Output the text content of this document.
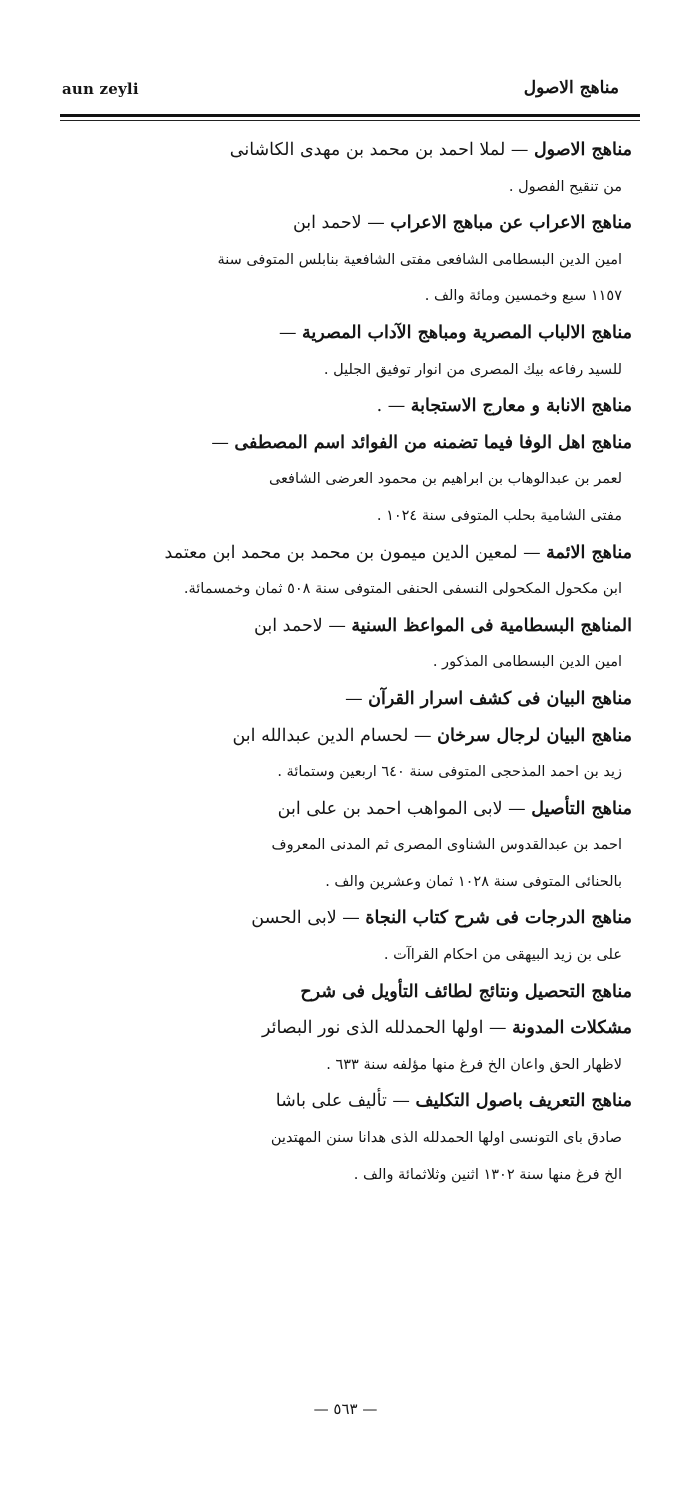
aun zeyli	مناهج الاصول
مناهج الاصول — لملا احمد بن محمد بن مهدى الكاشانى
من تنقيح الفصول .
مناهج الاعراب عن مباهج الاعراب — لاحمد ابن
امين الدين البسطامى الشافعى مفتى الشافعية بنابلس المتوفى سنة
١١٥٧ سبع وخمسين ومائة والف .
مناهج الالباب المصرية ومباهج الآداب المصرية —
للسيد رفاعه بيك المصرى من انوار توفيق الجليل .
مناهج الانابة و معارج الاستجابة — .
مناهج اهل الوفا فيما تضمنه من الفوائد اسم المصطفى —
لعمر بن عبدالوهاب بن ابراهيم بن محمود العرضى الشافعى
مفتى الشامية بحلب المتوفى سنة ١٠٢٤ .
مناهج الائمة — لمعين الدين ميمون بن محمد بن محمد ابن معتمد
ابن مكحول المكحولى النسفى الحنفى المتوفى سنة ٥٠٨ ثمان وخمسمائة.
المناهج البسطامية فى المواعظ السنية — لاحمد ابن
امين الدين البسطامى المذكور .
مناهج البيان فى كشف اسرار القرآن —
مناهج البيان لرجال سرخان — لحسام الدين عبدالله ابن
زيد بن احمد المذحجى المتوفى سنة ٦٤٠ اربعين وستمائة .
مناهج التأصيل — لابى المواهب احمد بن على ابن
احمد بن عبدالقدوس الشناوى المصرى ثم المدنى المعروف
بالحنائى المتوفى سنة ١٠٢٨ ثمان وعشرين والف .
مناهج الدرجات فى شرح كتاب النجاة — لابى الحسن
على بن زيد البيهقى من احكام القراآت .
مناهج التحصيل ونتائج لطائف التأويل فى شرح
مشكلات المدونة — اولها الحمدلله الذى نور البصائر
لاظهار الحق واعان الخ فرغ منها مؤلفه سنة ٦٣٣ .
مناهج التعريف باصول التكليف — تأليف على باشا
صادق باى التونسى اولها الحمدلله الذى هدانا سنن المهتدين
الخ فرغ منها سنة ١٣٠٢ اثنين وثلاثمائة والف .
— ٥٦٣ —
